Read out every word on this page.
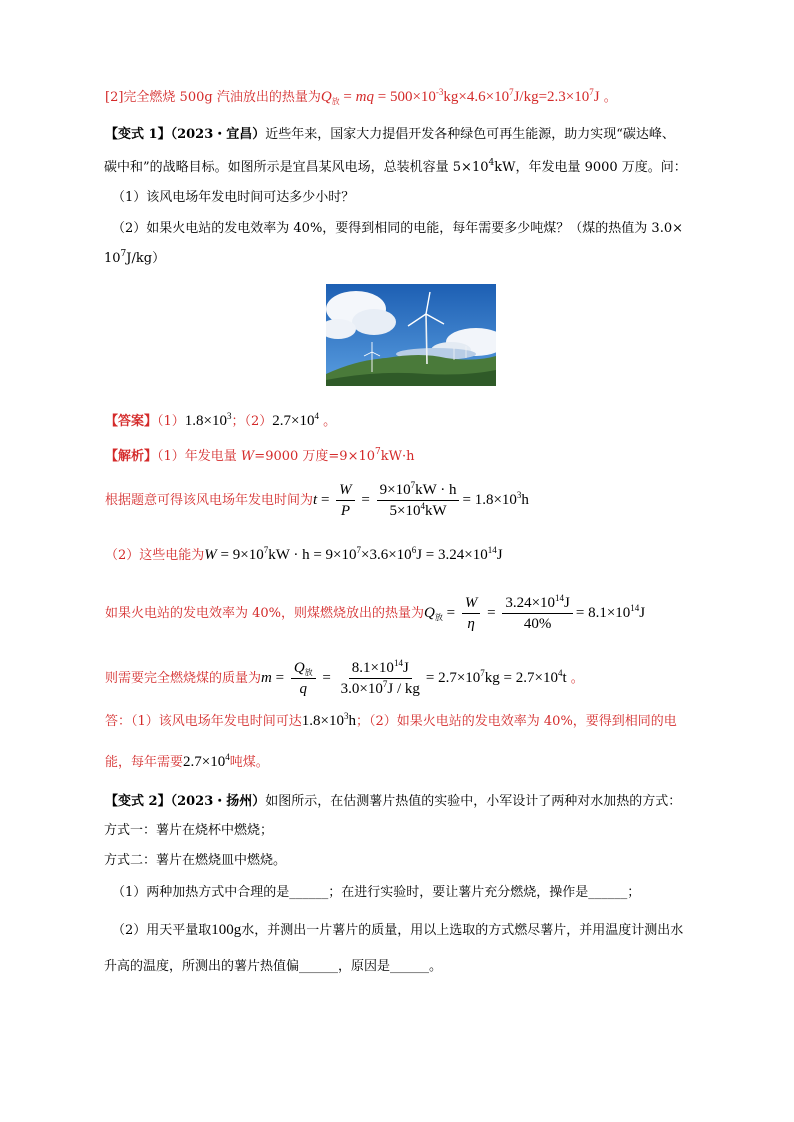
[2]完全燃烧 500g 汽油放出的热量为$Q_放$ = mq = $500\times 10^{-3}kg\times 4.6\times 10^7J/kg=2.3\times 10^7J$ 。
【变式 1】（2023・宜昌）近些年来，国家大力提倡开发各种绿色可再生能源，助力实现“碳达峰、
碳中和”的战略目标。如图所示是宜昌某风电场，总装机容量 $5\times 10^4kW$，年发电量 9000 万度。问：
（1）该风电场年发电时间可达多少小时？
（2）如果火电站的发电效率为 40%，要得到相同的电能，每年需要多少吨煤？（煤的热值为 3.0×
$10^7J/kg$）
【答案】$(1)1.8\times 10^3$；$(2)2.7\times 10^4$ 。
【解析】（1）年发电量 W=9000 万度$=9\times 10^7kW\cdot h$
根据题意可得该风电场年发电时间为$t = \frac{W}{P} = \frac{9\times 10^7kW \cdot h}{5\times 10^4kW} = 1.8\times 10^3h$
（2）这些电能为$W = 9\times 10^7kW \cdot h = 9\times 10^7\times 3.6\times 10^6J = 3.24\times 10^{14}J$
如果火电站的发电效率为 40%，则煤燃烧放出的热量为$Q_放 = \frac{W}{\eta} = \frac{3.24\times 10^{14}J}{40\%} = 8.1\times 10^{14}J$
则需要完全燃烧煤的质量为$m = \frac{Q_放}{q} = \frac{8.1\times 10^{14}J}{3.0\times 10^7J / kg} = 2.7\times 10^7kg = 2.7\times 10^4t$ 。
答：（1）该风电场年发电时间可达$1.8\times 10^3h$；（2）如果火电站的发电效率为 40%，要得到相同的电
能，每年需要$2.7\times 10^4$吨煤。
【变式 2】（2023・扬州）如图所示，在估测薯片热值的实验中，小军设计了两种对水加热的方式：
方式一：薯片在烧杯中燃烧；
方式二：薯片在燃烧皿中燃烧。
（1）两种加热方式中合理的是______；在进行实验时，要让薯片充分燃烧，操作是______；
（2）用天平量取100g水，并测出一片薯片的质量，用以上选取的方式燃尽薯片，并用温度计测出水
升高的温度，所测出的薯片热值偏______，原因是______。
